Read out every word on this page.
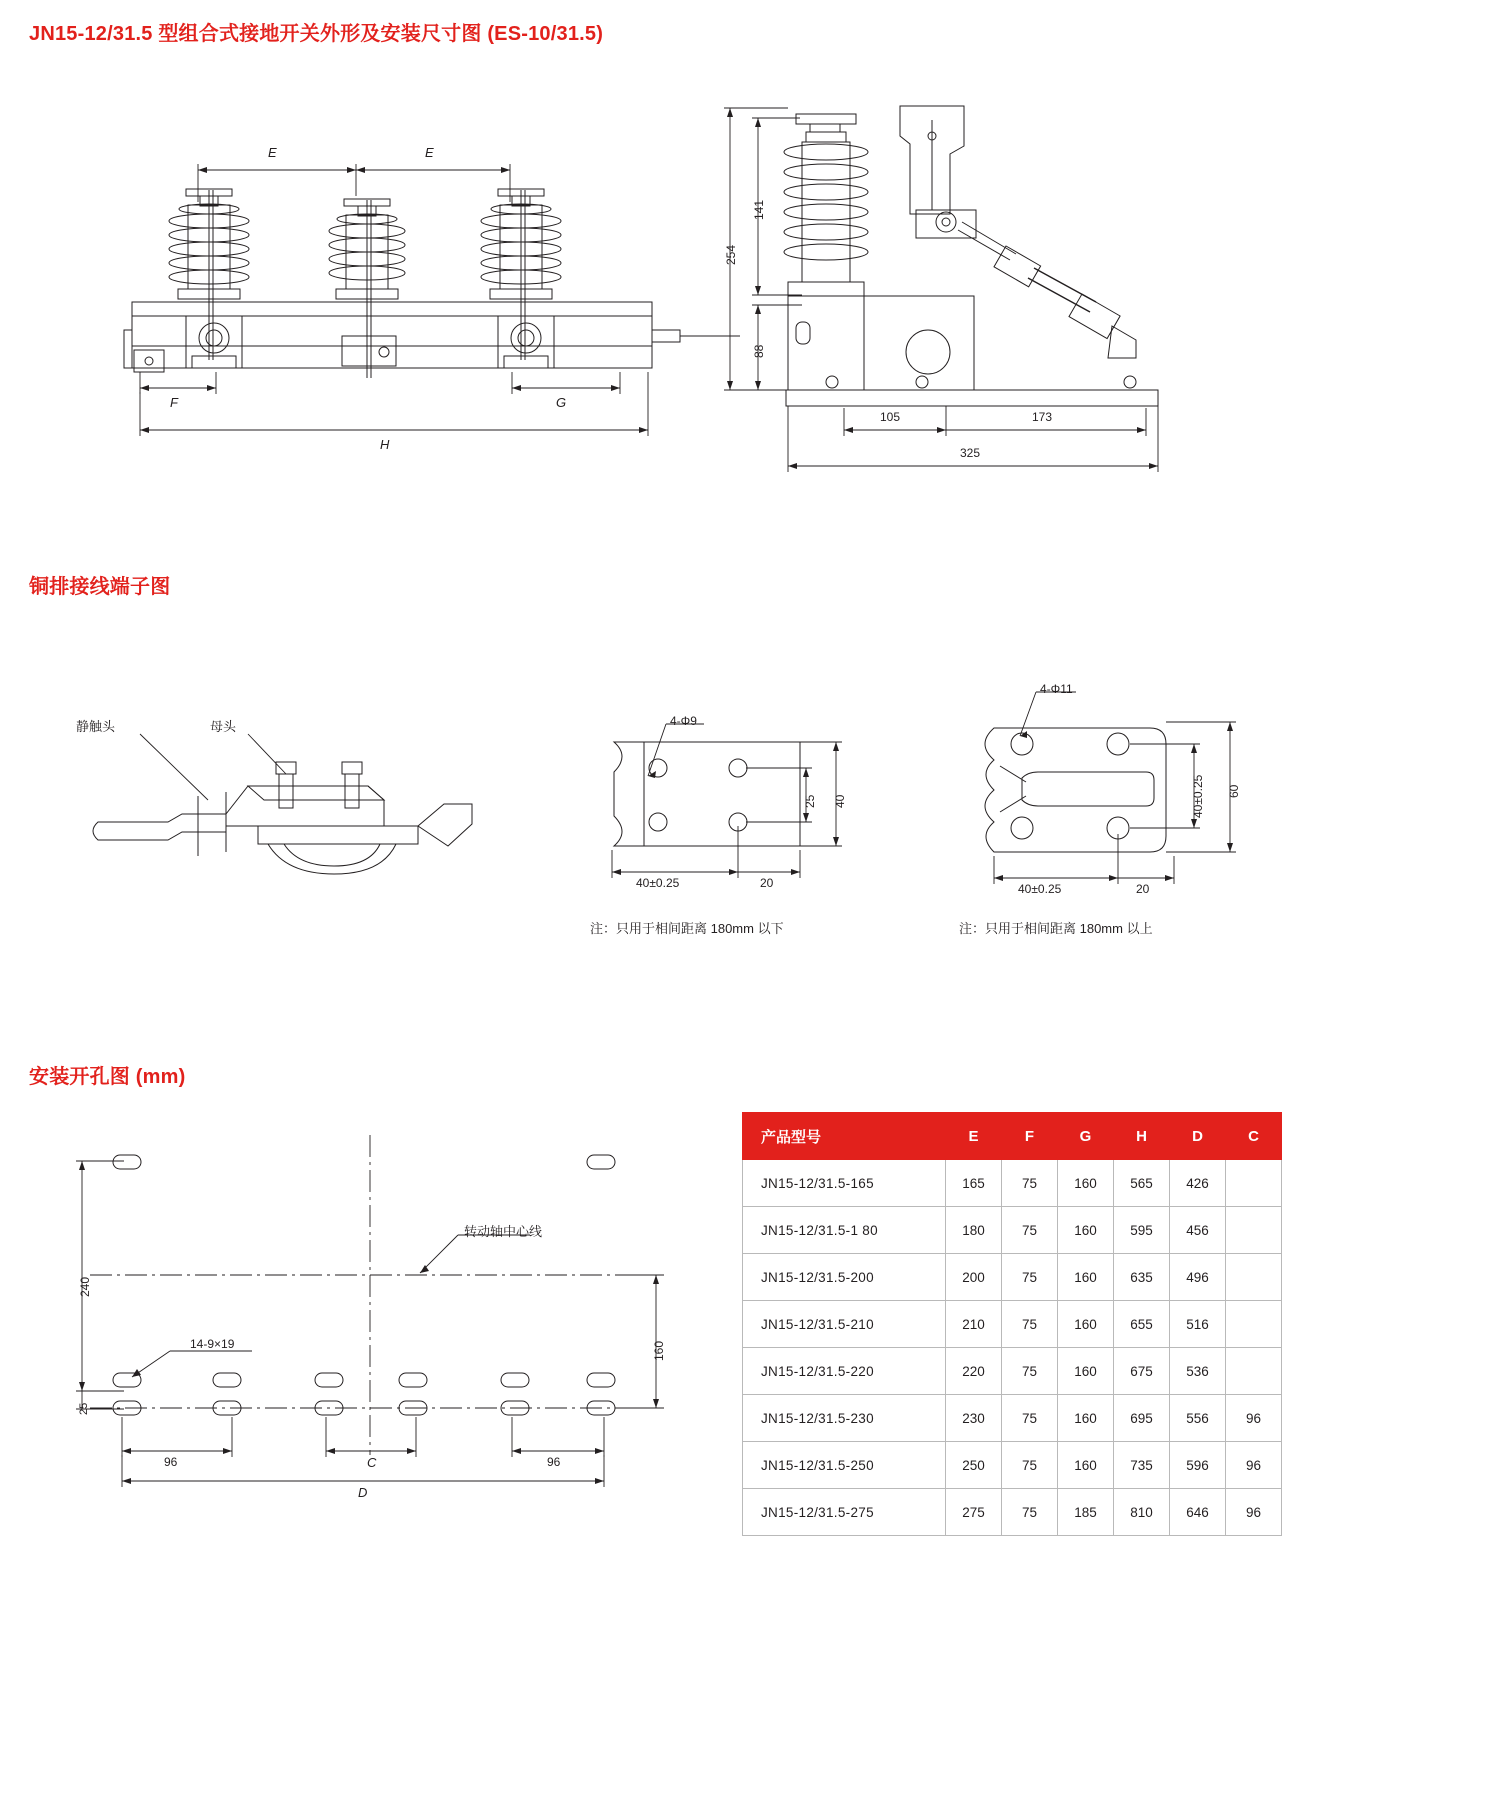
JN15-12/31.5 型组合式接地开关外形及安装尺寸图 (ES-10/31.5)
E	E
F	G
H
254
141
88
105	173
325
铜排接线端子图
静触头	母头	4-Φ9
25 40
40±0.25	20
注：只用于相间距离 180mm 以下
4-Φ11
40±0.25 60
40±0.25	20
注：只用于相间距离 180mm 以上
安装开孔图 (mm)
240
25
160
96	C	96
D
14-9×19
转动轴中心线
产品型号	E	F	G	H	D	C
JN15-12/31.5-165	165	75	160	565	426	
JN15-12/31.5-1 80	180	75	160	595	456	
JN15-12/31.5-200	200	75	160	635	496	
JN15-12/31.5-210	210	75	160	655	516	
JN15-12/31.5-220	220	75	160	675	536	
JN15-12/31.5-230	230	75	160	695	556	96
JN15-12/31.5-250	250	75	160	735	596	96
JN15-12/31.5-275	275	75	185	810	646	96
